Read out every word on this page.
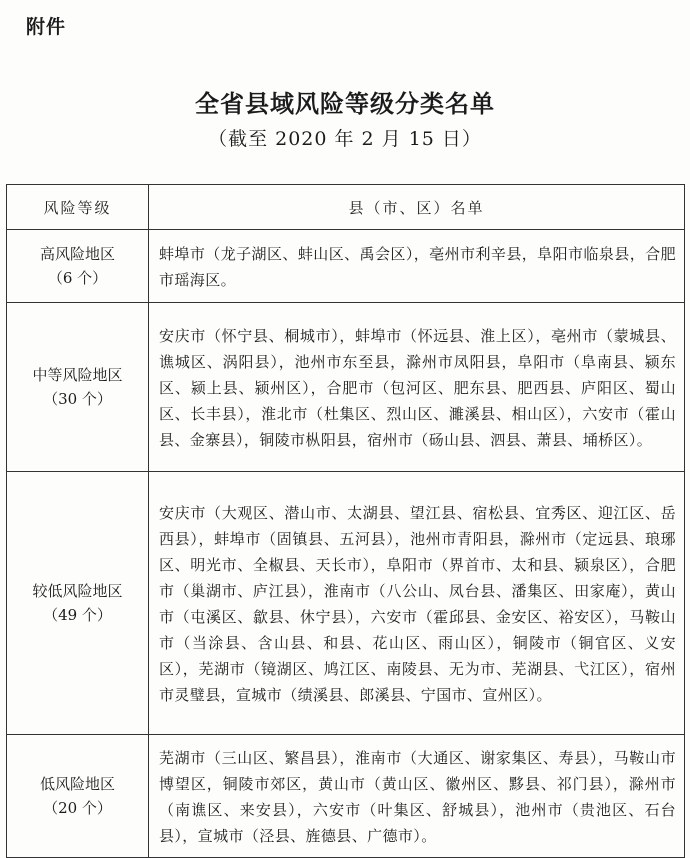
附件
全省县域风险等级分类名单
（截至 2020 年 2 月 15 日）
风险等级	县（市、区）名单

高风险地区
（6 个）	蚌埠市（龙子湖区、蚌山区、禹会区），亳州市利辛县，阜阳市临泉县，合肥市瑶海区。

中等风险地区
（30 个）	安庆市（怀宁县、桐城市），蚌埠市（怀远县、淮上区），亳州市（蒙城县、谯城区、涡阳县），池州市东至县，滁州市凤阳县，阜阳市（阜南县、颍东区、颍上县、颍州区），合肥市（包河区、肥东县、肥西县、庐阳区、蜀山区、长丰县），淮北市（杜集区、烈山区、濉溪县、相山区），六安市（霍山县、金寨县），铜陵市枞阳县，宿州市（砀山县、泗县、萧县、埇桥区）。

较低风险地区
（49 个）	安庆市（大观区、潜山市、太湖县、望江县、宿松县、宜秀区、迎江区、岳西县），蚌埠市（固镇县、五河县），池州市青阳县，滁州市（定远县、琅琊区、明光市、全椒县、天长市），阜阳市（界首市、太和县、颍泉区），合肥市（巢湖市、庐江县），淮南市（八公山、凤台县、潘集区、田家庵），黄山市（屯溪区、歙县、休宁县），六安市（霍邱县、金安区、裕安区），马鞍山市（当涂县、含山县、和县、花山区、雨山区），铜陵市（铜官区、义安区），芜湖市（镜湖区、鸠江区、南陵县、无为市、芜湖县、弋江区），宿州市灵璧县，宣城市（绩溪县、郎溪县、宁国市、宣州区）。

低风险地区
（20 个）	芜湖市（三山区、繁昌县），淮南市（大通区、谢家集区、寿县），马鞍山市博望区，铜陵市郊区，黄山市（黄山区、徽州区、黟县、祁门县），滁州市（南谯区、来安县），六安市（叶集区、舒城县），池州市（贵池区、石台县），宣城市（泾县、旌德县、广德市）。
